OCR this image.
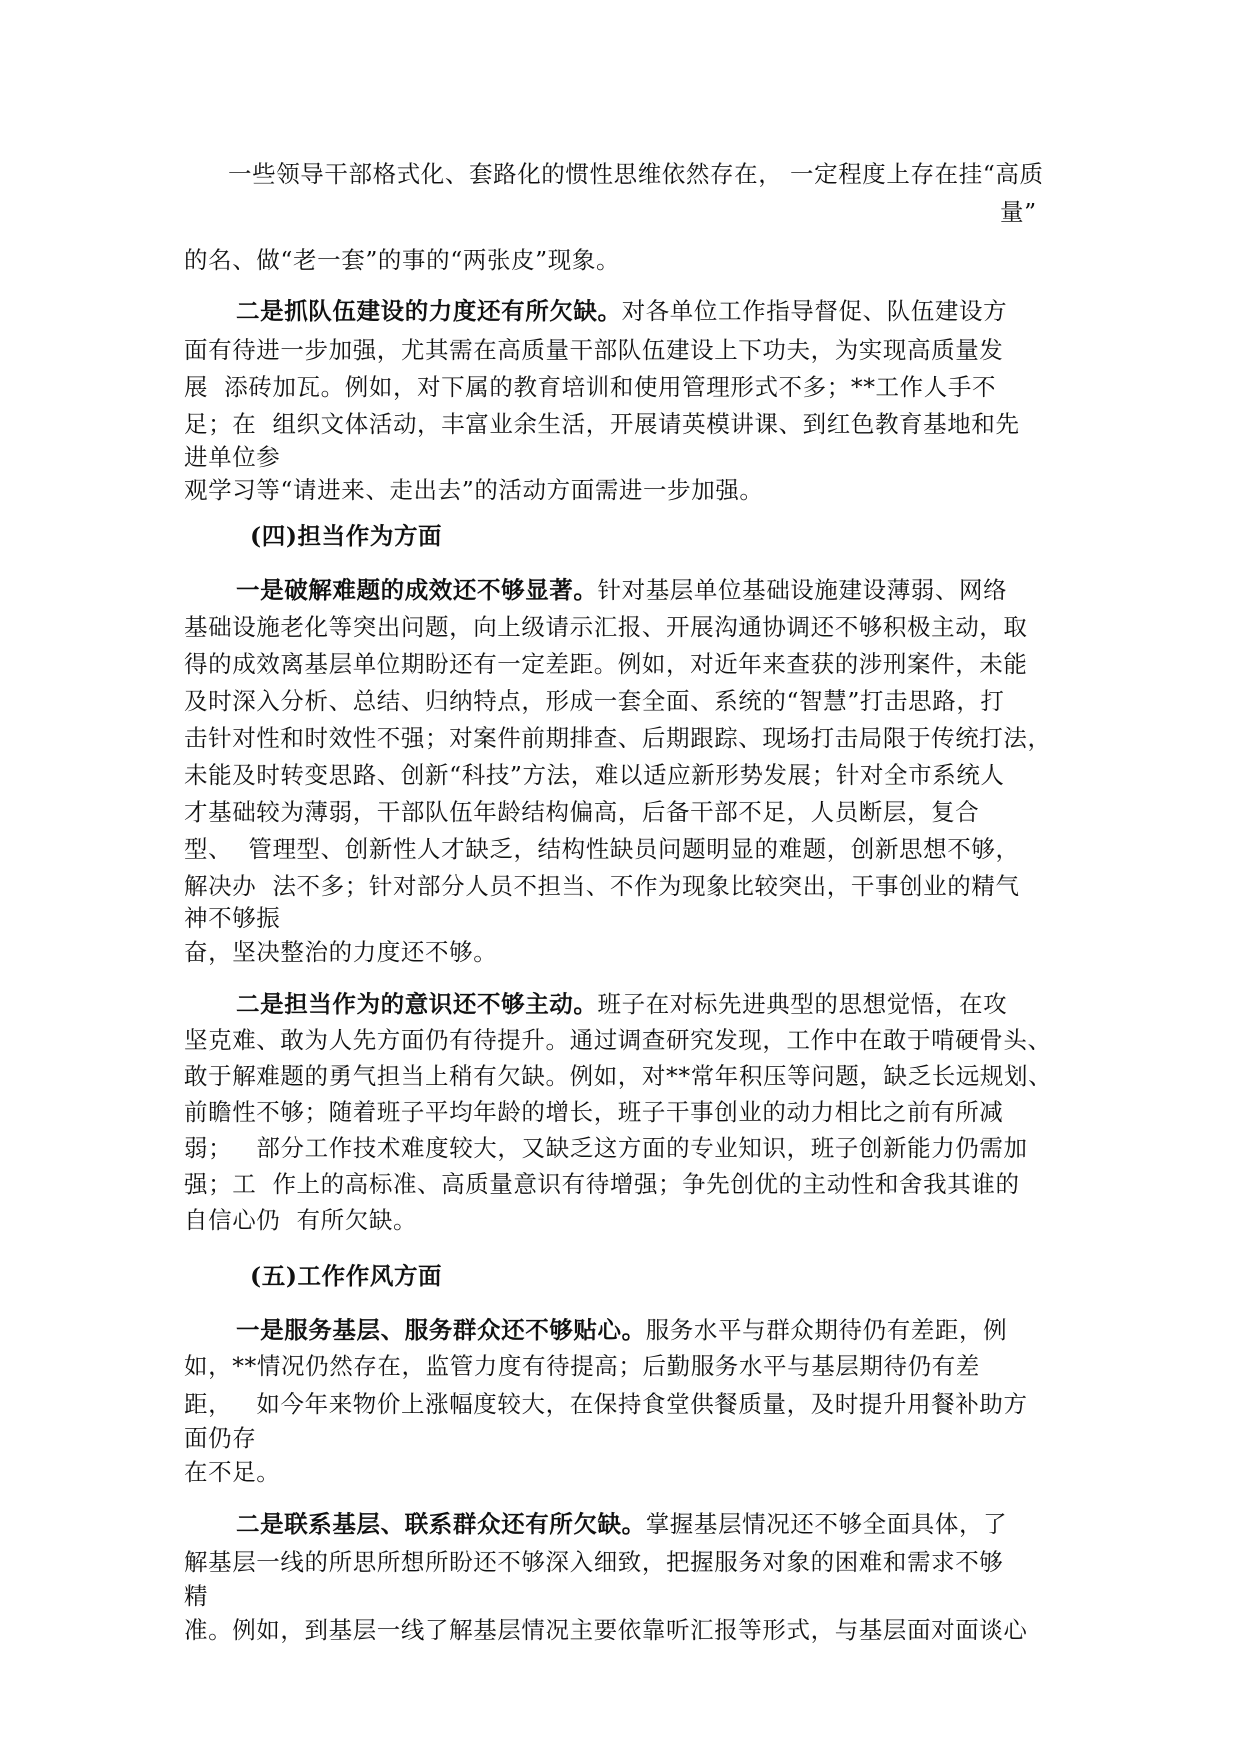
一些领导干部格式化、套路化的惯性思维依然存在， 一定程度上存在挂“高质
量”
的名、做“老一套”的事的“两张皮”现象。
二是抓队伍建设的力度还有所欠缺。对各单位工作指导督促、队伍建设方
面有待进一步加强，尤其需在高质量干部队伍建设上下功夫，为实现高质量发
展  添砖加瓦。例如，对下属的教育培训和使用管理形式不多；**工作人手不
足；在  组织文体活动，丰富业余生活，开展请英模讲课、到红色教育基地和先
进单位参
观学习等“请进来、走出去”的活动方面需进一步加强。
(四)担当作为方面
一是破解难题的成效还不够显著。针对基层单位基础设施建设薄弱、网络
基础设施老化等突出问题，向上级请示汇报、开展沟通协调还不够积极主动，取
得的成效离基层单位期盼还有一定差距。例如，对近年来查获的涉刑案件，未能
及时深入分析、总结、归纳特点，形成一套全面、系统的“智慧”打击思路，打
击针对性和时效性不强；对案件前期排查、后期跟踪、现场打击局限于传统打法，
未能及时转变思路、创新“科技”方法，难以适应新形势发展；针对全市系统人
才基础较为薄弱，干部队伍年龄结构偏高，后备干部不足，人员断层，复合
型、  管理型、创新性人才缺乏，结构性缺员问题明显的难题，创新思想不够，
解决办  法不多；针对部分人员不担当、不作为现象比较突出，干事创业的精气
神不够振
奋，坚决整治的力度还不够。
二是担当作为的意识还不够主动。班子在对标先进典型的思想觉悟，在攻
坚克难、敢为人先方面仍有待提升。通过调查研究发现，工作中在敢于啃硬骨头、
敢于解难题的勇气担当上稍有欠缺。例如，对**常年积压等问题，缺乏长远规划、
前瞻性不够；随着班子平均年龄的增长，班子干事创业的动力相比之前有所减
弱；   部分工作技术难度较大，又缺乏这方面的专业知识，班子创新能力仍需加
强；工  作上的高标准、高质量意识有待增强；争先创优的主动性和舍我其谁的
自信心仍  有所欠缺。
(五)工作作风方面
一是服务基层、服务群众还不够贴心。服务水平与群众期待仍有差距，例
如，**情况仍然存在，监管力度有待提高；后勤服务水平与基层期待仍有差
距，   如今年来物价上涨幅度较大，在保持食堂供餐质量，及时提升用餐补助方
面仍存
在不足。
二是联系基层、联系群众还有所欠缺。掌握基层情况还不够全面具体，了
解基层一线的所思所想所盼还不够深入细致，把握服务对象的困难和需求不够
精
准。例如，到基层一线了解基层情况主要依靠听汇报等形式，与基层面对面谈心
